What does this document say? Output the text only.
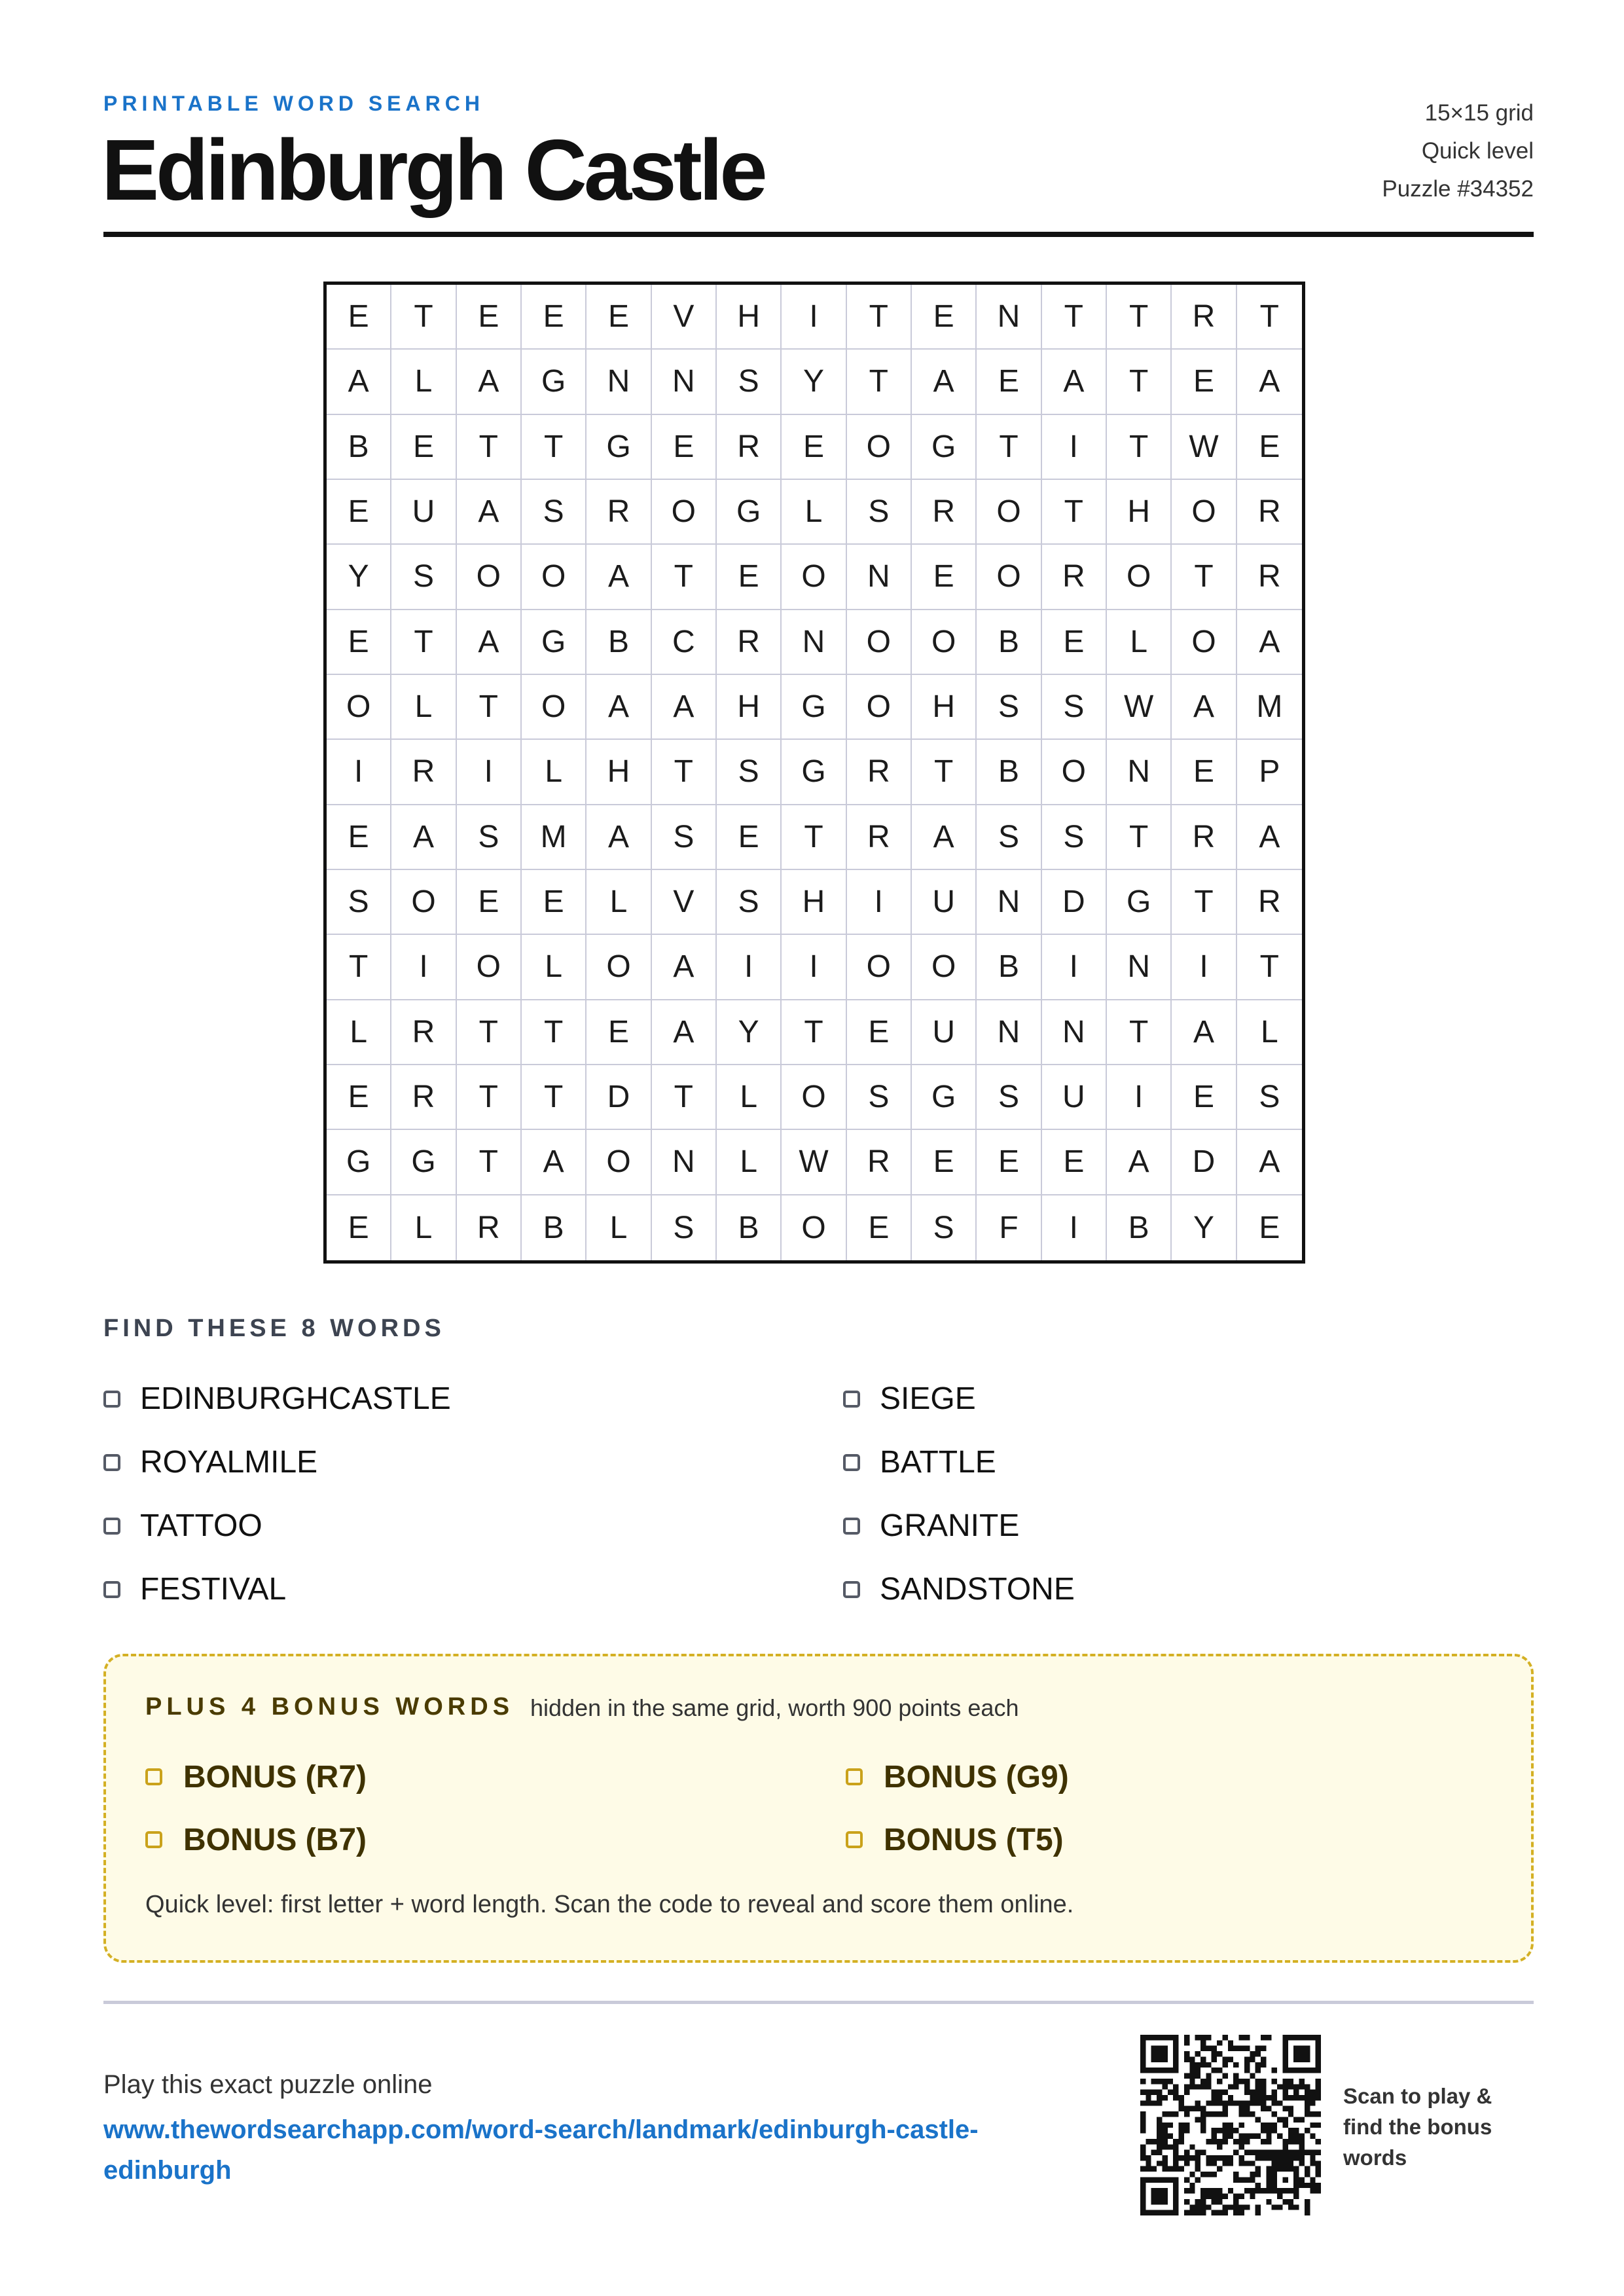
PRINTABLE WORD SEARCH
Edinburgh Castle
15×15 grid
Quick level
Puzzle #34352
E	T	E	E	E	V	H	I	T	E	N	T	T	R	T
A	L	A	G	N	N	S	Y	T	A	E	A	T	E	A
B	E	T	T	G	E	R	E	O	G	T	I	T	W	E
E	U	A	S	R	O	G	L	S	R	O	T	H	O	R
Y	S	O	O	A	T	E	O	N	E	O	R	O	T	R
E	T	A	G	B	C	R	N	O	O	B	E	L	O	A
O	L	T	O	A	A	H	G	O	H	S	S	W	A	M
I	R	I	L	H	T	S	G	R	T	B	O	N	E	P
E	A	S	M	A	S	E	T	R	A	S	S	T	R	A
S	O	E	E	L	V	S	H	I	U	N	D	G	T	R
T	I	O	L	O	A	I	I	O	O	B	I	N	I	T
L	R	T	T	E	A	Y	T	E	U	N	N	T	A	L
E	R	T	T	D	T	L	O	S	G	S	U	I	E	S
G	G	T	A	O	N	L	W	R	E	E	E	A	D	A
E	L	R	B	L	S	B	O	E	S	F	I	B	Y	E
FIND THESE 8 WORDS
EDINBURGHCASTLE	SIEGE
ROYALMILE	BATTLE
TATTOO	GRANITE
FESTIVAL	SANDSTONE
PLUS 4 BONUS WORDS hidden in the same grid, worth 900 points each
BONUS (R7)	BONUS (G9)
BONUS (B7)	BONUS (T5)
Quick level: first letter + word length. Scan the code to reveal and score them online.
Play this exact puzzle online
www.thewordsearchapp.com/word-search/landmark/edinburgh-castle-edinburgh
Scan to play & find the bonus words
